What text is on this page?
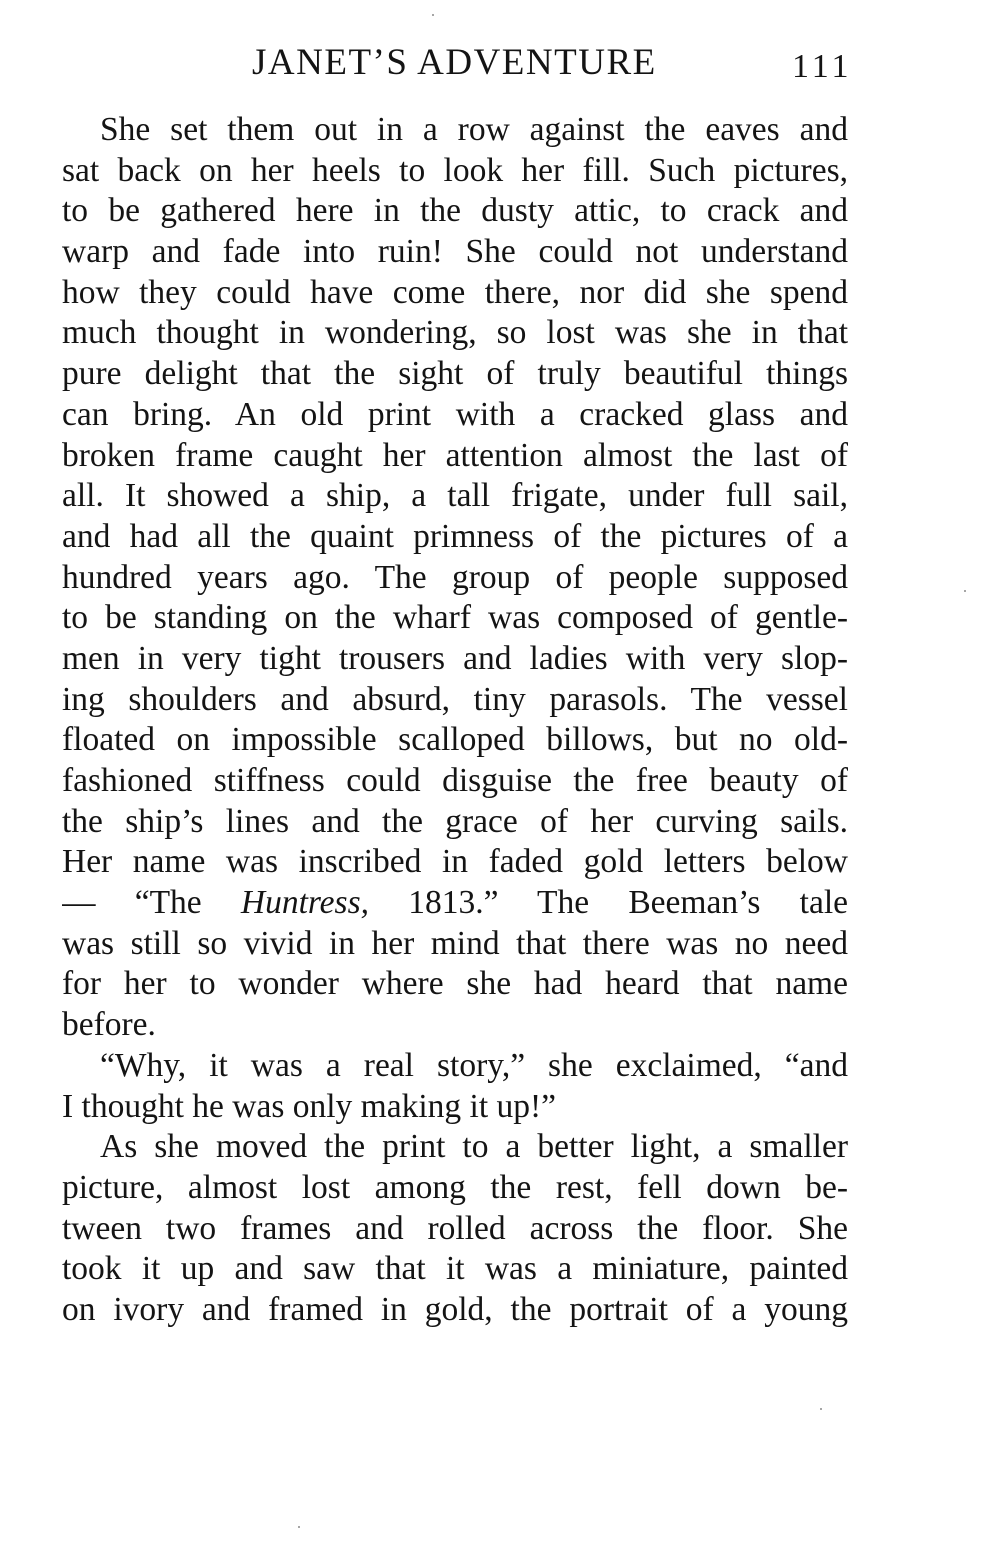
JANET’S ADVENTURE	111
She set them out in a row against the eaves and
sat back on her heels to look her fill. Such pictures,
to be gathered here in the dusty attic, to crack and
warp and fade into ruin! She could not understand
how they could have come there, nor did she spend
much thought in wondering, so lost was she in that
pure delight that the sight of truly beautiful things
can bring. An old print with a cracked glass and
broken frame caught her attention almost the last of
all. It showed a ship, a tall frigate, under full sail,
and had all the quaint primness of the pictures of a
hundred years ago. The group of people supposed
to be standing on the wharf was composed of gentle-
men in very tight trousers and ladies with very slop-
ing shoulders and absurd, tiny parasols. The vessel
floated on impossible scalloped billows, but no old-
fashioned stiffness could disguise the free beauty of
the ship’s lines and the grace of her curving sails.
Her name was inscribed in faded gold letters below
— “The Huntress, 1813.” The Beeman’s tale
was still so vivid in her mind that there was no need
for her to wonder where she had heard that name
before.
“Why, it was a real story,” she exclaimed, “and
I thought he was only making it up!”
As she moved the print to a better light, a smaller
picture, almost lost among the rest, fell down be-
tween two frames and rolled across the floor. She
took it up and saw that it was a miniature, painted
on ivory and framed in gold, the portrait of a young
